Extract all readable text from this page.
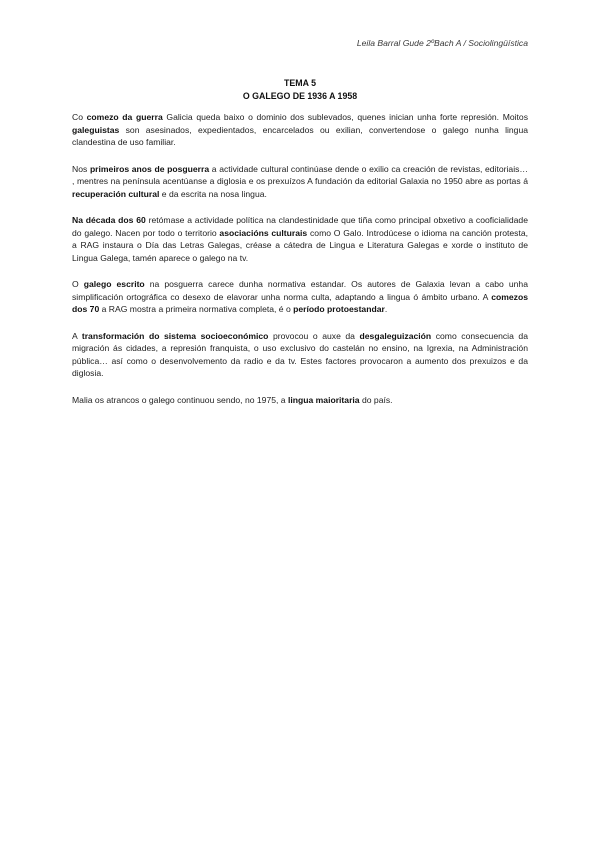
Leila Barral Gude 2ºBach A / Sociolingüística
TEMA 5
O GALEGO DE 1936 A 1958

Co comezo da guerra Galicia queda baixo o dominio dos sublevados, quenes inician unha forte represión. Moitos galeguistas son asesinados, expedientados, encarcelados ou exilian, convertendose o galego nunha lingua clandestina de uso familiar.

Nos primeiros anos de posguerra a actividade cultural continúase dende o exilio ca creación de revistas, editoriais… , mentres na península acentúanse a diglosia e os prexuízos A fundación da editorial Galaxia no 1950 abre as portas á recuperación cultural e da escrita na nosa lingua.

Na década dos 60 retómase a actividade política na clandestinidade que tiña como principal obxetivo a cooficialidade do galego. Nacen por todo o territorio asociacións culturais como O Galo. Introdúcese o idioma na canción protesta, a RAG instaura o Día das Letras Galegas, créase a cátedra de Lingua e Literatura Galegas e xorde o instituto de Lingua Galega, tamén aparece o galego na tv.

O galego escrito na posguerra carece dunha normativa estandar. Os autores de Galaxia levan a cabo unha simplificación ortográfica co desexo de elavorar unha norma culta, adaptando a lingua ó ámbito urbano. A comezos dos 70 a RAG mostra a primeira normativa completa, é o período protoestandar.

A transformación do sistema socioeconómico provocou o auxe da desgaleguización como consecuencia da migración ás cidades, a represión franquista, o uso exclusivo do castelán no ensino, na Igrexia, na Administración pública… así como o desenvolvemento da radio e da tv. Estes factores provocaron a aumento dos prexuizos e da diglosia.

Malia os atrancos o galego continuou sendo, no 1975, a lingua maioritaria do país.
